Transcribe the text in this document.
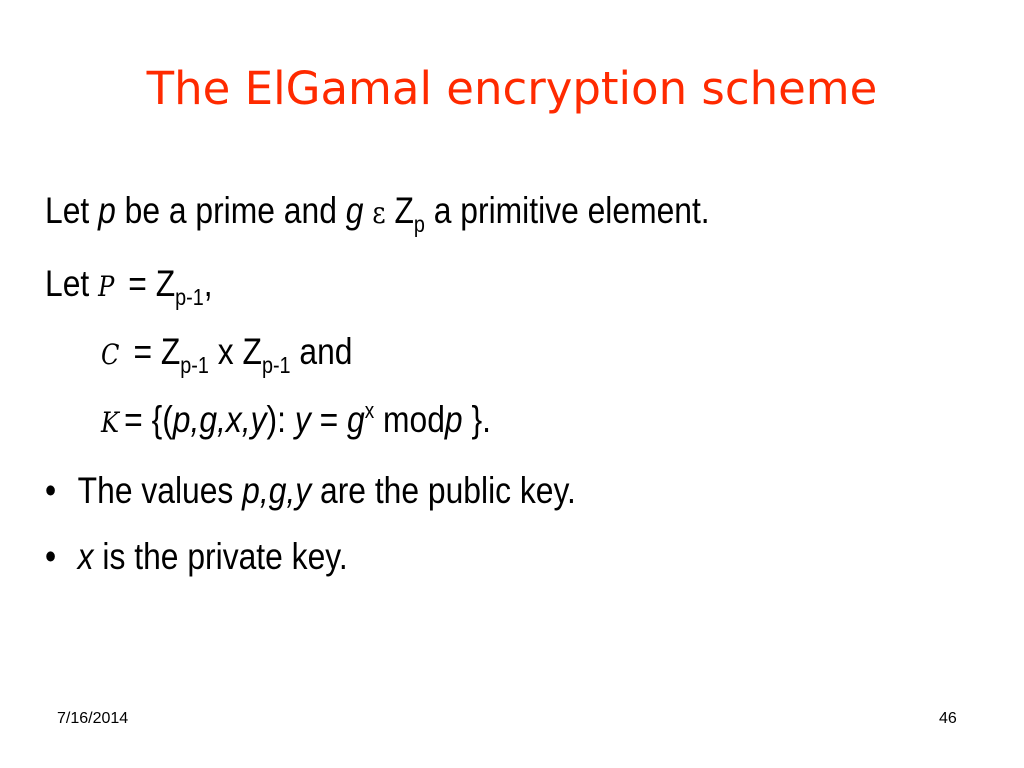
The ElGamal encryption scheme
Let p be a prime and g ε $Z_p$ a primitive element.
Let $P = Z_{p-1}$,
$C = Z_{p-1}$ x $Z_{p-1}$ and
K = {(p,g,x,y): $y = g^x$ modp }.
• The values p,g,y are the public key.
• x is the private key.
7/16/2014	46
